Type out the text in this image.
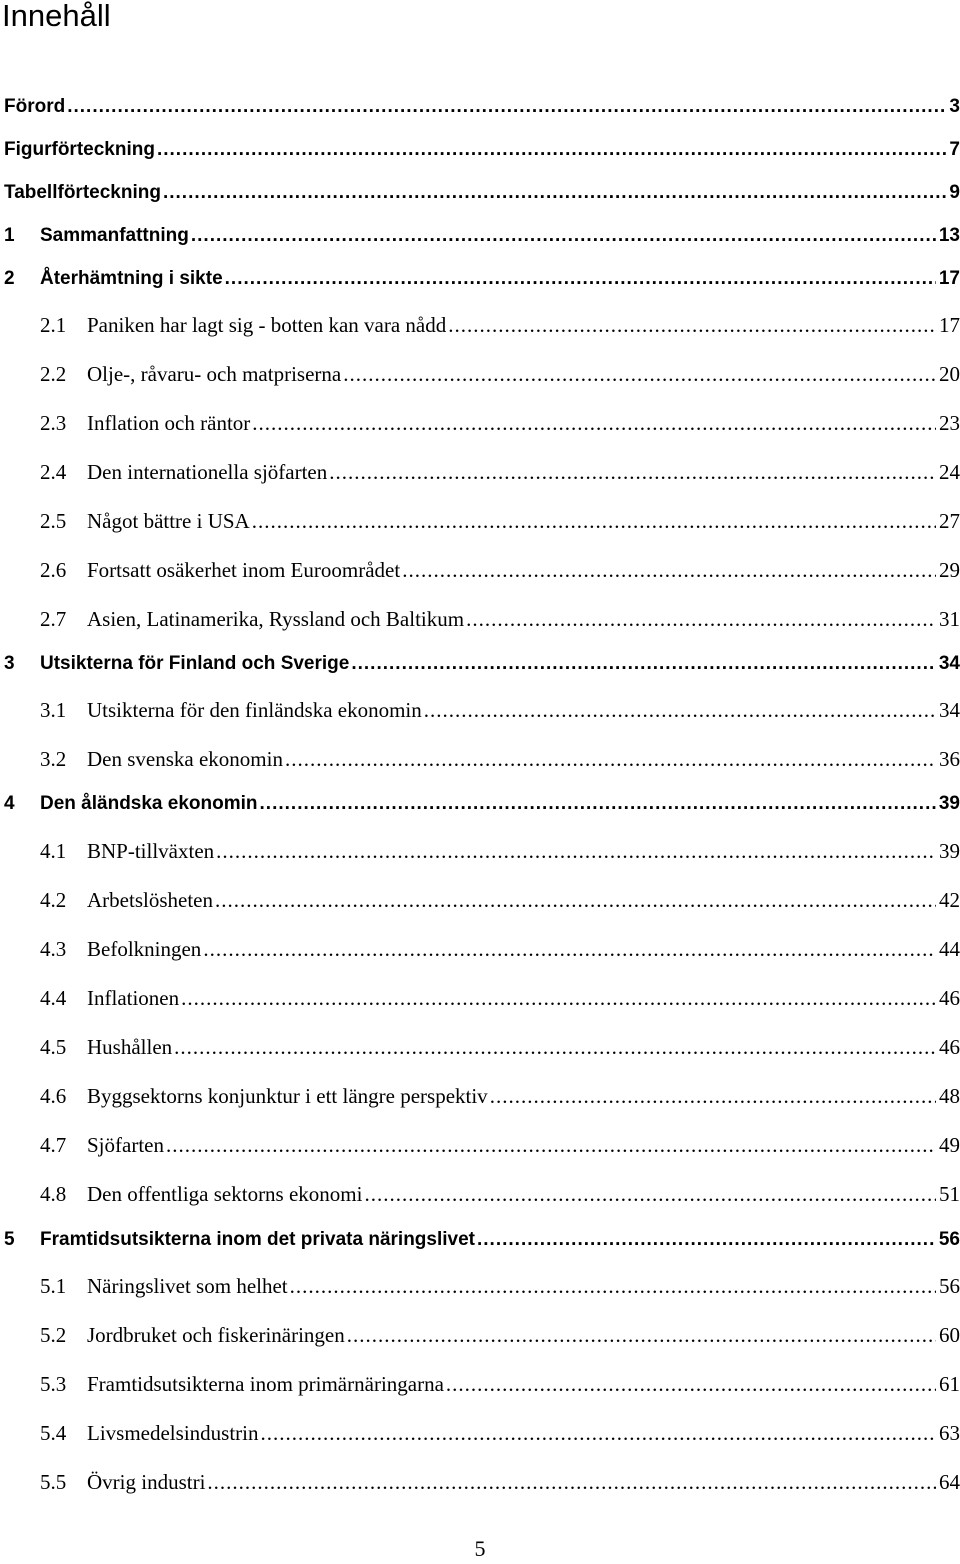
Innehåll
Förord .....	3
Figurförteckning .....	7
Tabellförteckning .....	9
1	Sammanfattning .....	13
2	Återhämtning i sikte .....	17
2.1 Paniken har lagt sig - botten kan vara nådd .....	17
2.2 Olje-, råvaru- och matpriserna .....	20
2.3 Inflation och räntor .....	23
2.4 Den internationella sjöfarten .....	24
2.5 Något bättre i USA .....	27
2.6 Fortsatt osäkerhet inom Euroområdet .....	29
2.7 Asien, Latinamerika, Ryssland och Baltikum .....	31
3	Utsikterna för Finland och Sverige .....	34
3.1 Utsikterna för den finländska ekonomin .....	34
3.2 Den svenska ekonomin .....	36
4	Den åländska ekonomin .....	39
4.1 BNP-tillväxten .....	39
4.2 Arbetslösheten .....	42
4.3 Befolkningen .....	44
4.4 Inflationen .....	46
4.5 Hushållen .....	46
4.6 Byggsektorns konjunktur i ett längre perspektiv .....	48
4.7 Sjöfarten .....	49
4.8 Den offentliga sektorns ekonomi .....	51
5	Framtidsutsikterna inom det privata näringslivet .....	56
5.1 Näringslivet som helhet .....	56
5.2 Jordbruket och fiskerinäringen .....	60
5.3 Framtidsutsikterna inom primärnäringarna .....	61
5.4 Livsmedelsindustrin .....	63
5.5 Övrig industri .....	64
5
